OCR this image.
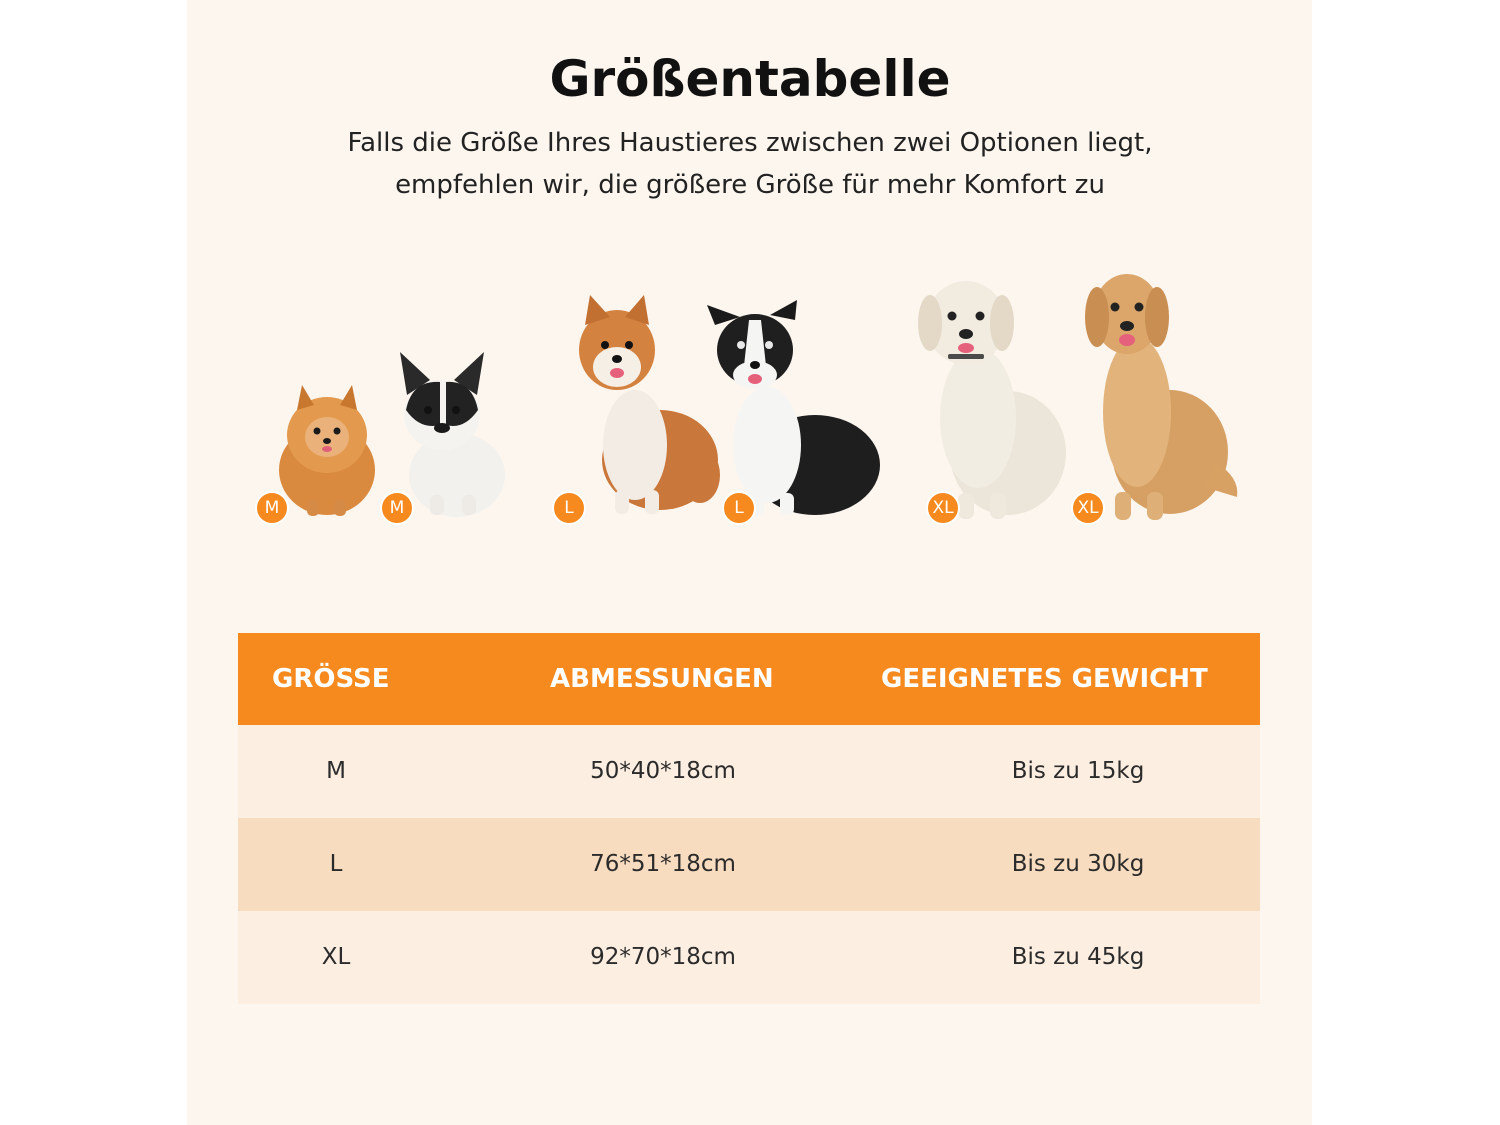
Größentabelle
Falls die Größe Ihres Haustieres zwischen zwei Optionen liegt,
empfehlen wir, die größere Größe für mehr Komfort zu
M	M	L	L	XL	XL
GRÖSSE	ABMESSUNGEN	GEEIGNETES GEWICHT
M	50*40*18cm	Bis zu 15kg
L	76*51*18cm	Bis zu 30kg
XL	92*70*18cm	Bis zu 45kg
